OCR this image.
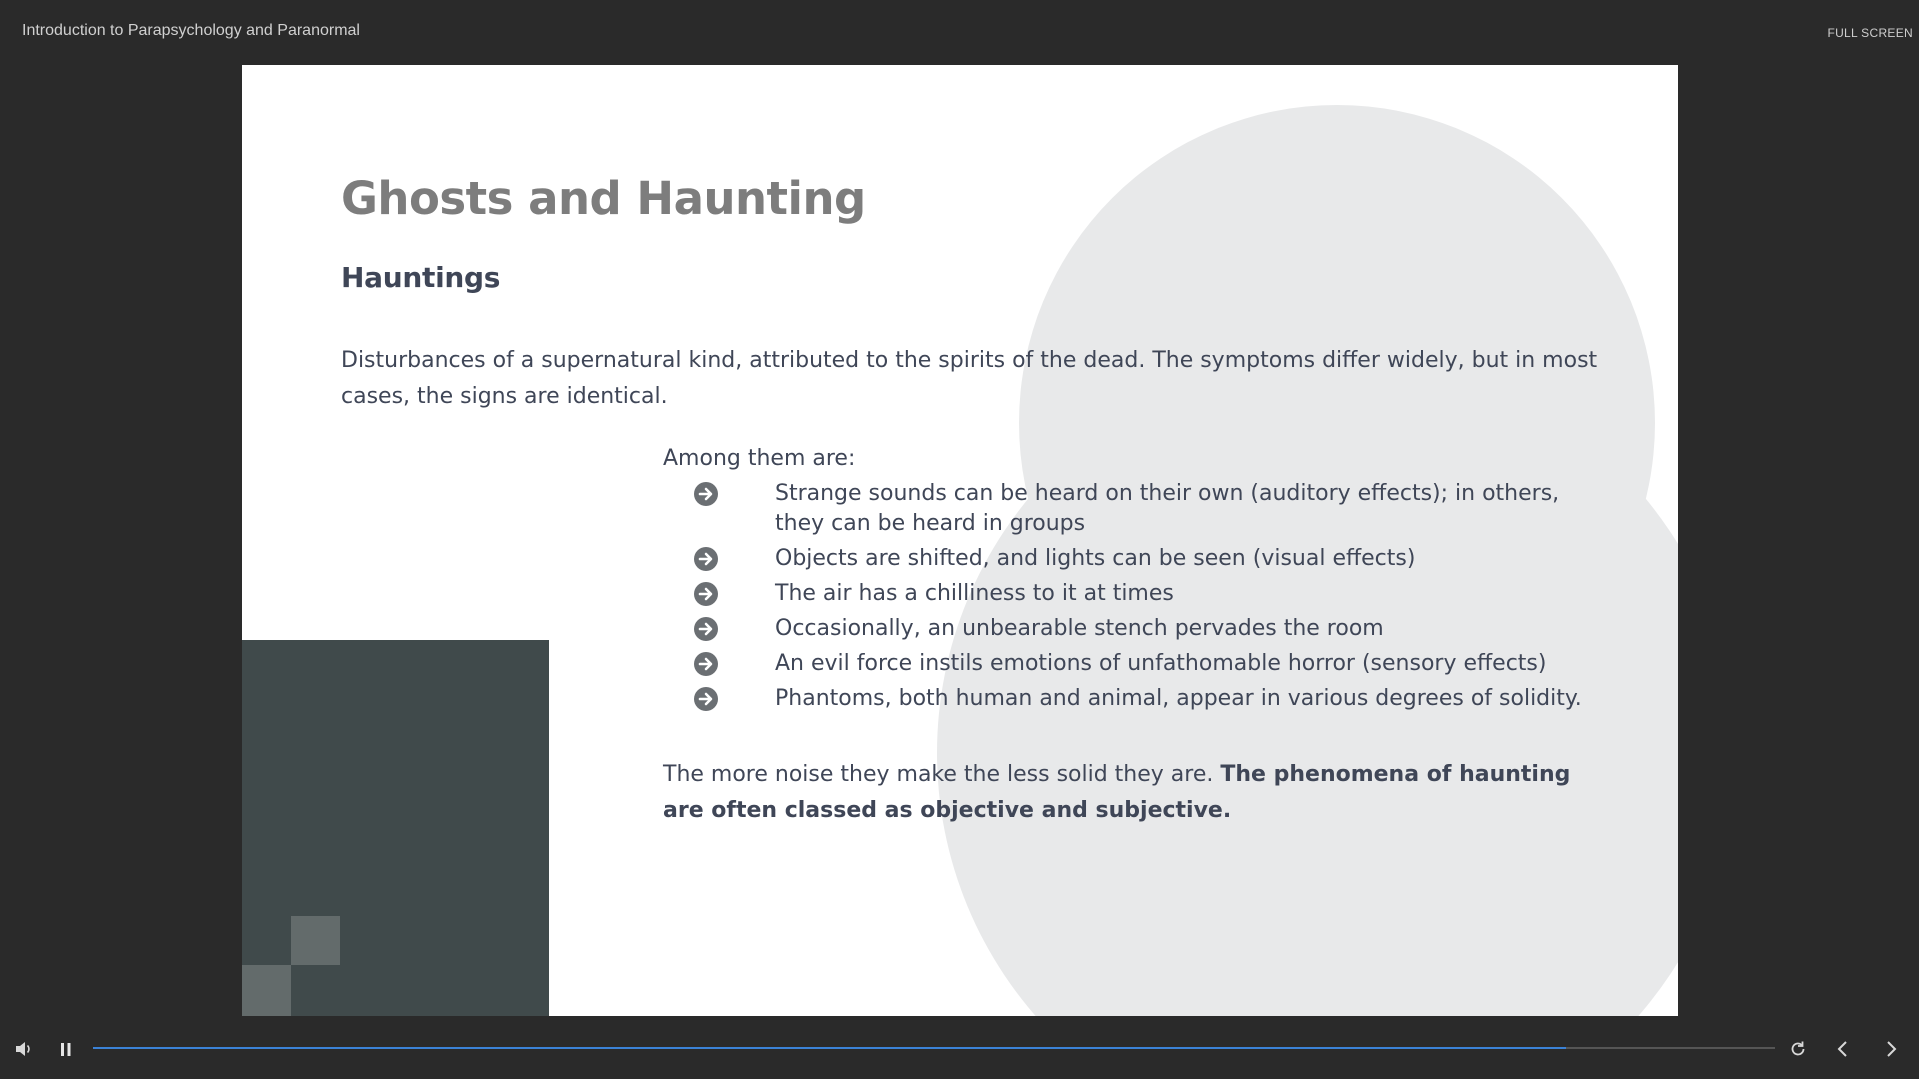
Introduction to Parapsychology and Paranormal	FULL SCREEN
Ghosts and Haunting
Hauntings
Disturbances of a supernatural kind, attributed to the spirits of the dead. The symptoms differ widely, but in most cases, the signs are identical.
Among them are:
Strange sounds can be heard on their own (auditory effects); in others, they can be heard in groups
Objects are shifted, and lights can be seen (visual effects)
The air has a chilliness to it at times
Occasionally, an unbearable stench pervades the room
An evil force instils emotions of unfathomable horror (sensory effects)
Phantoms, both human and animal, appear in various degrees of solidity.
The more noise they make the less solid they are. The phenomena of haunting are often classed as objective and subjective.
